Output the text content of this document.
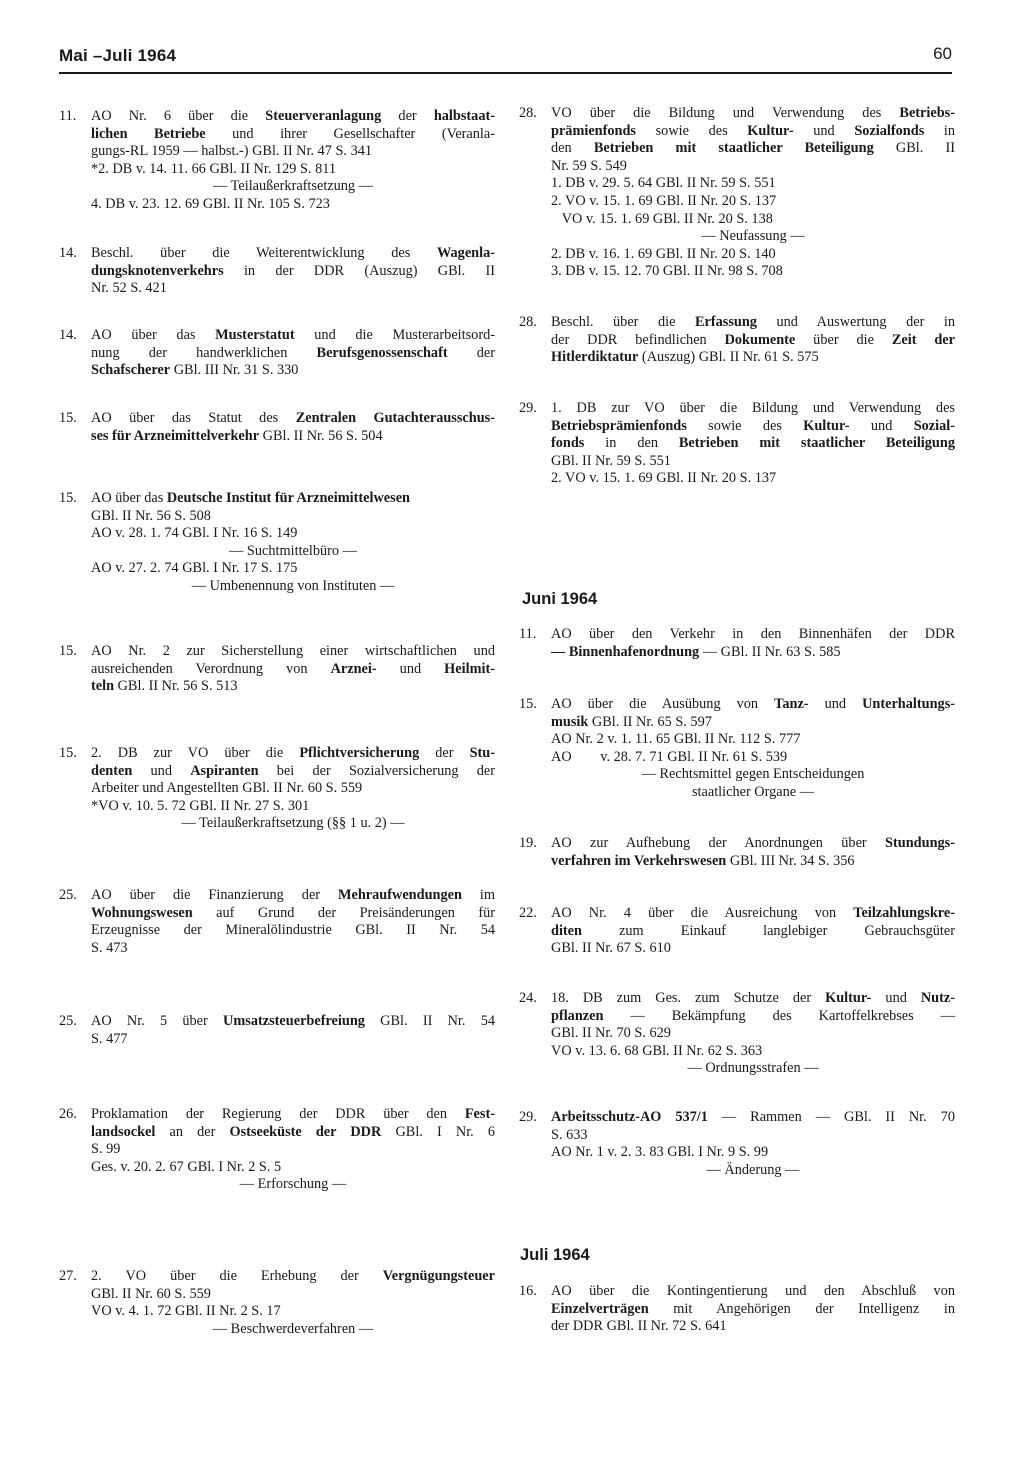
Mai –Juli 1964	60
Juni 1964
Juli 1964
11. AO Nr. 6 über die Steuerveranlagung der halbstaat-
lichen Betriebe und ihrer Gesellschafter (Veranla-
gungs-RL 1959 — halbst.-) GBl. II Nr. 47 S. 341
*2. DB v. 14. 11. 66 GBl. II Nr. 129 S. 811
— Teilaußerkraftsetzung —
4. DB v. 23. 12. 69 GBl. II Nr. 105 S. 723
14. Beschl. über die Weiterentwicklung des Wagenla-
dungsknotenverkehrs in der DDR (Auszug) GBl. II
Nr. 52 S. 421
14. AO über das Musterstatut und die Musterarbeitsord-
nung der handwerklichen Berufsgenossenschaft der
Schafscherer GBl. III Nr. 31 S. 330
15. AO über das Statut des Zentralen Gutachterausschus-
ses für Arzneimittelverkehr GBl. II Nr. 56 S. 504
15. AO über das Deutsche Institut für Arzneimittelwesen
GBl. II Nr. 56 S. 508
AO v. 28. 1. 74 GBl. I Nr. 16 S. 149
— Suchtmittelbüro —
AO v. 27. 2. 74 GBl. I Nr. 17 S. 175
— Umbenennung von Instituten —
15. AO Nr. 2 zur Sicherstellung einer wirtschaftlichen und
ausreichenden Verordnung von Arznei- und Heilmit-
teln GBl. II Nr. 56 S. 513
15. 2. DB zur VO über die Pflichtversicherung der Stu-
denten und Aspiranten bei der Sozialversicherung der
Arbeiter und Angestellten GBl. II Nr. 60 S. 559
*VO v. 10. 5. 72 GBl. II Nr. 27 S. 301
— Teilaußerkraftsetzung (§§ 1 u. 2) —
25. AO über die Finanzierung der Mehraufwendungen im
Wohnungswesen auf Grund der Preisänderungen für
Erzeugnisse der Mineralölindustrie GBl. II Nr. 54
S. 473
25. AO Nr. 5 über Umsatzsteuerbefreiung GBl. II Nr. 54
S. 477
26. Proklamation der Regierung der DDR über den Fest-
landsockel an der Ostseeküste der DDR GBl. I Nr. 6
S. 99
Ges. v. 20. 2. 67 GBl. I Nr. 2 S. 5
— Erforschung —
27. 2. VO über die Erhebung der Vergnügungsteuer
GBl. II Nr. 60 S. 559
VO v. 4. 1. 72 GBl. II Nr. 2 S. 17
— Beschwerdeverfahren —
28. VO über die Bildung und Verwendung des Betriebs-
prämienfonds sowie des Kultur- und Sozialfonds in
den Betrieben mit staatlicher Beteiligung GBl. II
Nr. 59 S. 549
1. DB v. 29. 5. 64 GBl. II Nr. 59 S. 551
2. VO v. 15. 1. 69 GBl. II Nr. 20 S. 137
VO v. 15. 1. 69 GBl. II Nr. 20 S. 138
— Neufassung —
2. DB v. 16. 1. 69 GBl. II Nr. 20 S. 140
3. DB v. 15. 12. 70 GBl. II Nr. 98 S. 708
28. Beschl. über die Erfassung und Auswertung der in
der DDR befindlichen Dokumente über die Zeit der
Hitlerdiktatur (Auszug) GBl. II Nr. 61 S. 575
29. 1. DB zur VO über die Bildung und Verwendung des
Betriebsprämienfonds sowie des Kultur- und Sozial-
fonds in den Betrieben mit staatlicher Beteiligung
GBl. II Nr. 59 S. 551
2. VO v. 15. 1. 69 GBl. II Nr. 20 S. 137
11. AO über den Verkehr in den Binnenhäfen der DDR
— Binnenhafenordnung — GBl. II Nr. 63 S. 585
15. AO über die Ausübung von Tanz- und Unterhaltungs-
musik GBl. II Nr. 65 S. 597
AO Nr. 2 v. 1. 11. 65 GBl. II Nr. 112 S. 777
AO        v. 28. 7. 71 GBl. II Nr. 61 S. 539
— Rechtsmittel gegen Entscheidungen
staatlicher Organe —
19. AO zur Aufhebung der Anordnungen über Stundungs-
verfahren im Verkehrswesen GBl. III Nr. 34 S. 356
22. AO Nr. 4 über die Ausreichung von Teilzahlungskre-
diten zum Einkauf langlebiger Gebrauchsgüter
GBl. II Nr. 67 S. 610
24. 18. DB zum Ges. zum Schutze der Kultur- und Nutz-
pflanzen — Bekämpfung des Kartoffelkrebses —
GBl. II Nr. 70 S. 629
VO v. 13. 6. 68 GBl. II Nr. 62 S. 363
— Ordnungsstrafen —
29. Arbeitsschutz-AO 537/1 — Rammen — GBl. II Nr. 70
S. 633
AO Nr. 1 v. 2. 3. 83 GBl. I Nr. 9 S. 99
— Änderung —
16. AO über die Kontingentierung und den Abschluß von
Einzelverträgen mit Angehörigen der Intelligenz in
der DDR GBl. II Nr. 72 S. 641
